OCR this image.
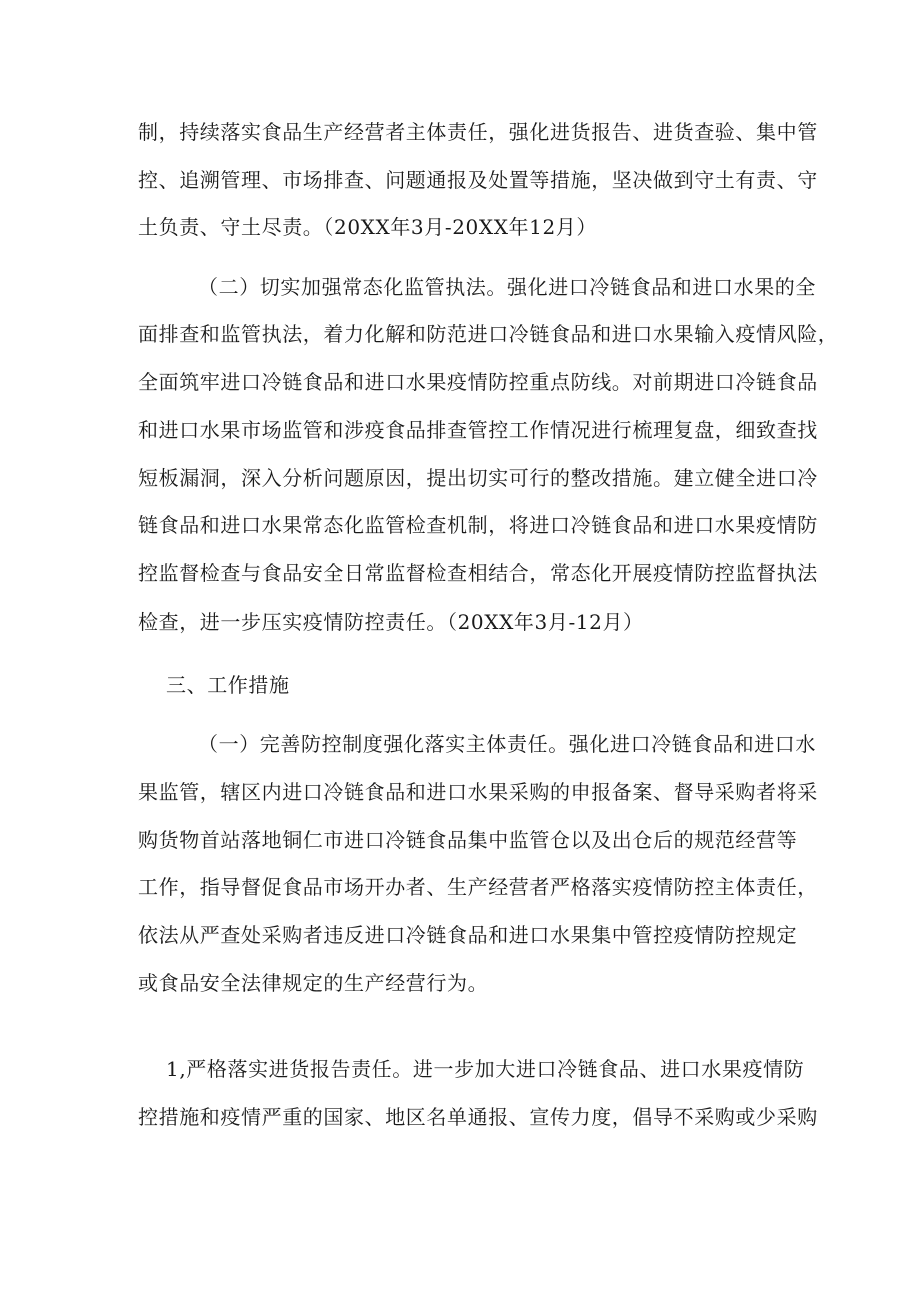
制，持续落实食品生产经营者主体责任，强化进货报告、进货查验、集中管

控、追溯管理、市场排查、问题通报及处置等措施，坚决做到守土有责、守

土负责、守土尽责。（20XX年3月-20XX年12月）

（二）切实加强常态化监管执法。强化进口冷链食品和进口水果的全

面排查和监管执法，着力化解和防范进口冷链食品和进口水果输入疫情风险，

全面筑牢进口冷链食品和进口水果疫情防控重点防线。对前期进口冷链食品

和进口水果市场监管和涉疫食品排查管控工作情况进行梳理复盘，细致查找

短板漏洞，深入分析问题原因，提出切实可行的整改措施。建立健全进口冷

链食品和进口水果常态化监管检查机制，将进口冷链食品和进口水果疫情防

控监督检查与食品安全日常监督检查相结合，常态化开展疫情防控监督执法

检查，进一步压实疫情防控责任。（20XX年3月-12月）

三、工作措施

（一）完善防控制度强化落实主体责任。强化进口冷链食品和进口水

果监管，辖区内进口冷链食品和进口水果采购的申报备案、督导采购者将采

购货物首站落地铜仁市进口冷链食品集中监管仓以及出仓后的规范经营等

工作，指导督促食品市场开办者、生产经营者严格落实疫情防控主体责任，

依法从严查处采购者违反进口冷链食品和进口水果集中管控疫情防控规定

或食品安全法律规定的生产经营行为。

1,严格落实进货报告责任。进一步加大进口冷链食品、进口水果疫情防

控措施和疫情严重的国家、地区名单通报、宣传力度，倡导不采购或少采购
